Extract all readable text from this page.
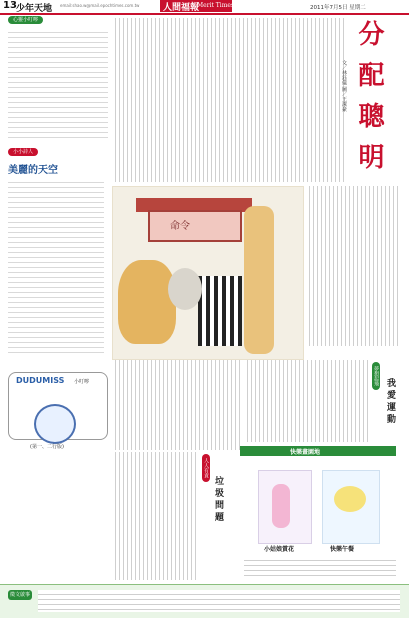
13 少年天地 email:shao.w@mail.epochtimes.com.tw	人間福報
Merit Times	2011年7月5日 星期二
心靈小叮嚀
小小詩人
美麗的天空
DUDUMISS 小叮嚀
(第一、二行版)
分 配 聰 明
文／林鈺儀 圖／王潔豪
命令
人人有責
垃圾問題
夢想起飛
我愛運動
快樂畫園地
小姑娘賞花	快樂午餐
徵文啟事
